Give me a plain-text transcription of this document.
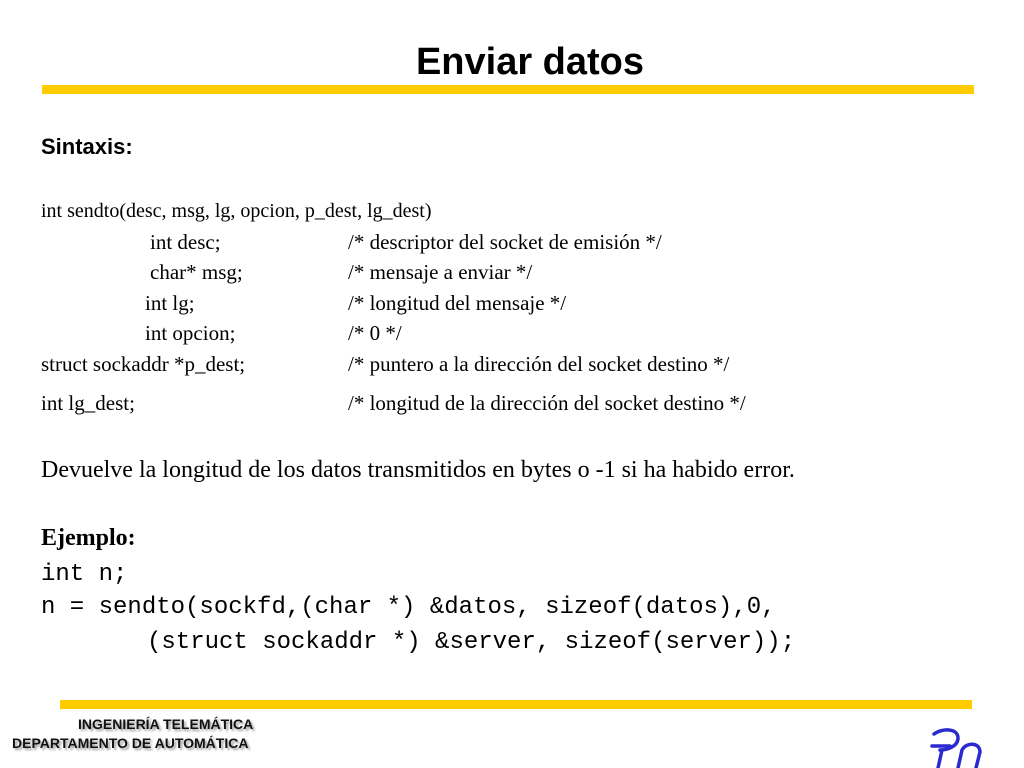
Enviar datos
Sintaxis:
int sendto(desc, msg, lg, opcion, p_dest, lg_dest)
int desc;	/* descriptor del socket de emisión */
char* msg;	/* mensaje a enviar */
int lg;	/* longitud del mensaje */
int opcion;	/* 0 */
struct sockaddr *p_dest;	/* puntero a la dirección del socket destino */
int lg_dest;	/* longitud de la dirección del socket destino */
Devuelve la longitud de los datos transmitidos en bytes o -1 si ha habido error.
Ejemplo:
int n;
n = sendto(sockfd,(char *) &datos, sizeof(datos),0,
(struct sockaddr *) &server, sizeof(server));
INGENIERÍA TELEMÁTICA
DEPARTAMENTO DE AUTOMÁTICA
